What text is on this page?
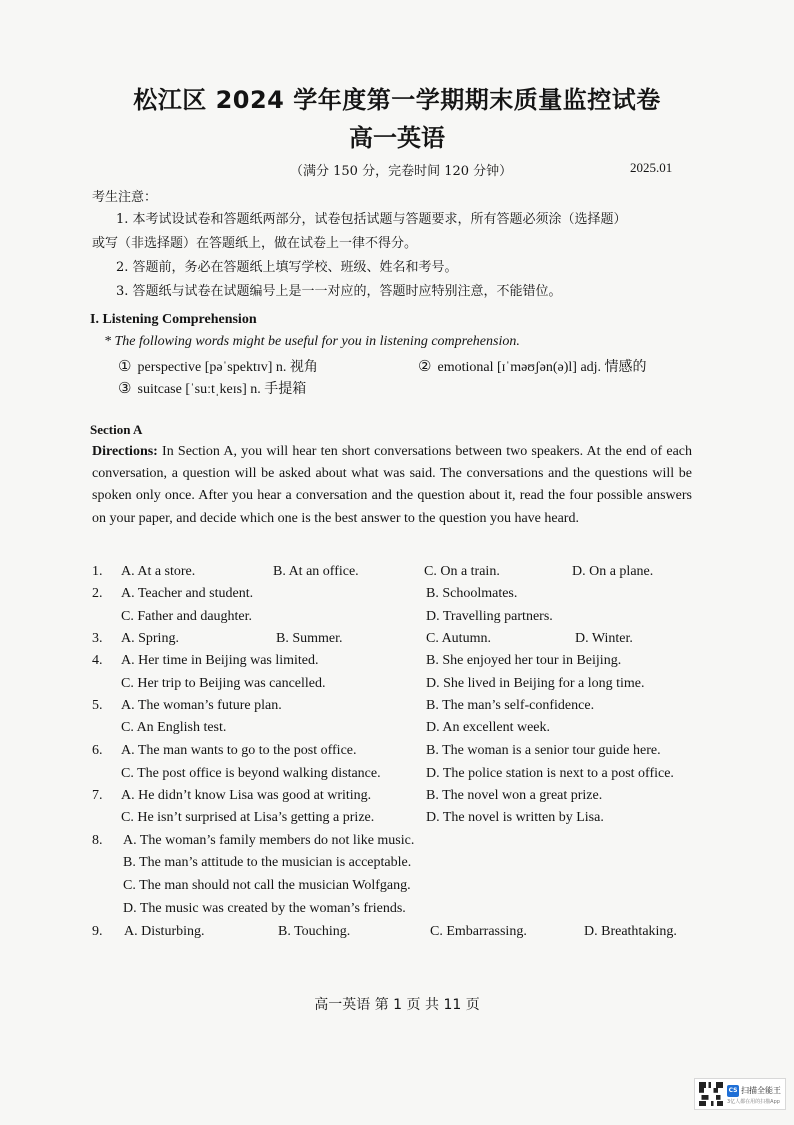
松江区 2024 学年度第一学期期末质量监控试卷
高一英语
（满分 150 分，完卷时间 120 分钟）	2025.01
考生注意：
1. 本考试设试卷和答题纸两部分，试卷包括试题与答题要求，所有答题必须涂（选择题）
或写（非选择题）在答题纸上，做在试卷上一律不得分。
2. 答题前，务必在答题纸上填写学校、班级、姓名和考号。
3. 答题纸与试卷在试题编号上是一一对应的，答题时应特别注意，不能错位。
I. Listening Comprehension
* The following words might be useful for you in listening comprehension.
① perspective [pəˈspektɪv] n. 视角	② emotional [ɪˈməʊʃən(ə)l] adj. 情感的
③ suitcase [ˈsuːtˌkeɪs] n. 手提箱
Section A
Directions: In Section A, you will hear ten short conversations between two speakers. At the end of each conversation, a question will be asked about what was said. The conversations and the questions will be spoken only once. After you hear a conversation and the question about it, read the four possible answers on your paper, and decide which one is the best answer to the question you have heard.
1. A. At a store.	B. At an office.	C. On a train.	D. On a plane.
2. A. Teacher and student.	B. Schoolmates.
C. Father and daughter.	D. Travelling partners.
3. A. Spring.	B. Summer.	C. Autumn.	D. Winter.
4. A. Her time in Beijing was limited.	B. She enjoyed her tour in Beijing.
C. Her trip to Beijing was cancelled.	D. She lived in Beijing for a long time.
5. A. The woman’s future plan.	B. The man’s self-confidence.
C. An English test.	D. An excellent week.
6. A. The man wants to go to the post office.	B. The woman is a senior tour guide here.
C. The post office is beyond walking distance.	D. The police station is next to a post office.
7. A. He didn’t know Lisa was good at writing.	B. The novel won a great prize.
C. He isn’t surprised at Lisa’s getting a prize.	D. The novel is written by Lisa.
8. A. The woman’s family members do not like music.
B. The man’s attitude to the musician is acceptable.
C. The man should not call the musician Wolfgang.
D. The music was created by the woman’s friends.
9. A. Disturbing.	B. Touching.	C. Embarrassing.	D. Breathtaking.
高一英语 第 1 页 共 11 页
CS 扫描全能王
3亿人都在用的扫描App
